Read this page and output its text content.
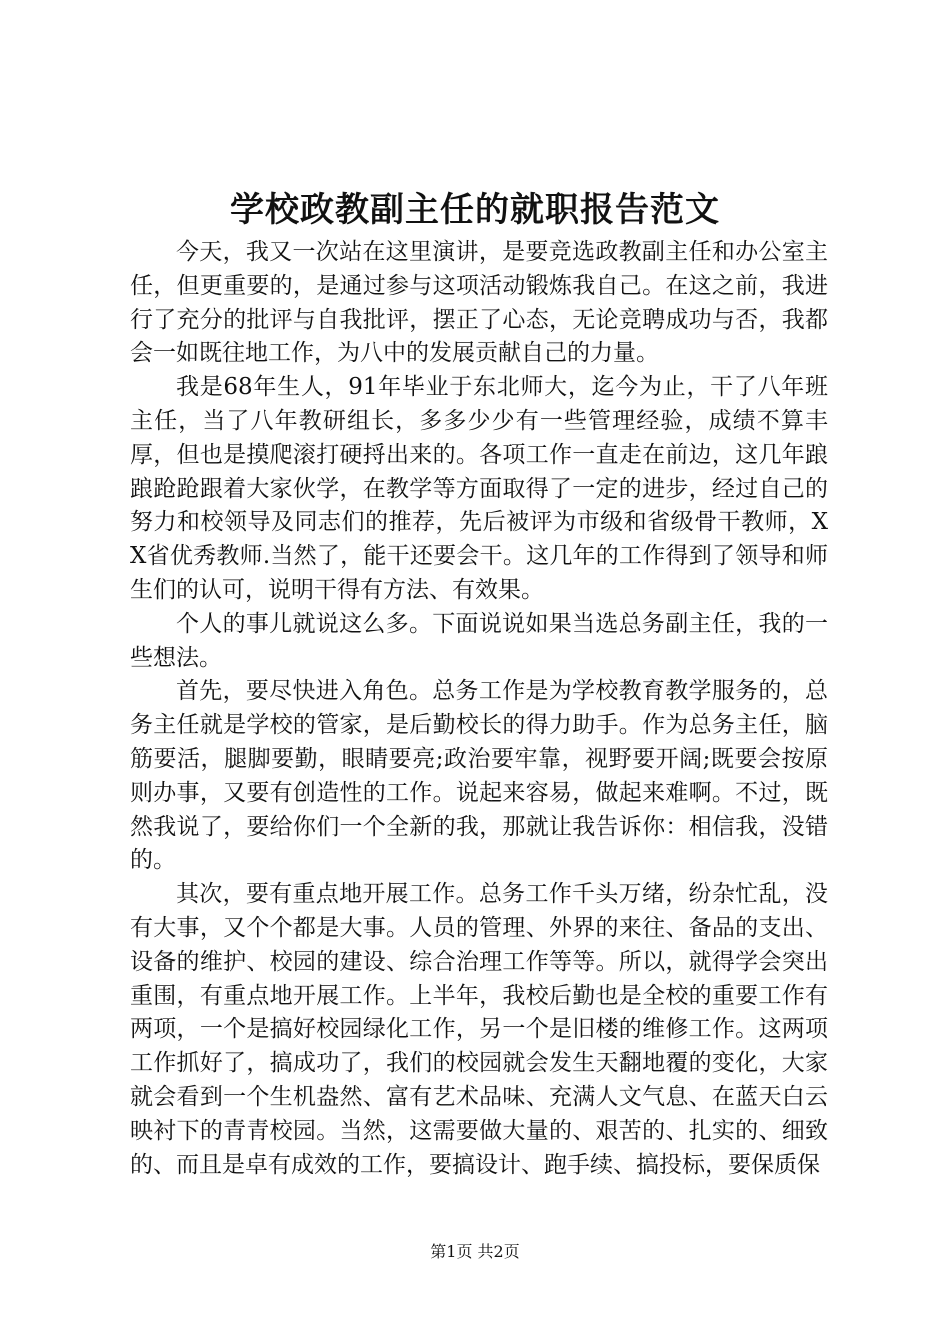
学校政教副主任的就职报告范文

今天，我又一次站在这里演讲，是要竞选政教副主任和办公室主任，但更重要的，是通过参与这项活动锻炼我自己。在这之前，我进行了充分的批评与自我批评，摆正了心态，无论竞聘成功与否，我都会一如既往地工作，为八中的发展贡献自己的力量。

我是68年生人，91年毕业于东北师大，迄今为止，干了八年班主任，当了八年教研组长，多多少少有一些管理经验，成绩不算丰厚，但也是摸爬滚打硬捋出来的。各项工作一直走在前边，这几年踉踉跄跄跟着大家伙学，在教学等方面取得了一定的进步，经过自己的努力和校领导及同志们的推荐，先后被评为市级和省级骨干教师，XX省优秀教师.当然了，能干还要会干。这几年的工作得到了领导和师生们的认可，说明干得有方法、有效果。

个人的事儿就说这么多。下面说说如果当选总务副主任，我的一些想法。

首先，要尽快进入角色。总务工作是为学校教育教学服务的，总务主任就是学校的管家，是后勤校长的得力助手。作为总务主任，脑筋要活，腿脚要勤，眼睛要亮;政治要牢靠，视野要开阔;既要会按原则办事，又要有创造性的工作。说起来容易，做起来难啊。不过，既然我说了，要给你们一个全新的我，那就让我告诉你：相信我，没错的。

其次，要有重点地开展工作。总务工作千头万绪，纷杂忙乱，没有大事，又个个都是大事。人员的管理、外界的来往、备品的支出、设备的维护、校园的建设、综合治理工作等等。所以，就得学会突出重围，有重点地开展工作。上半年，我校后勤也是全校的重要工作有两项，一个是搞好校园绿化工作，另一个是旧楼的维修工作。这两项工作抓好了，搞成功了，我们的校园就会发生天翻地覆的变化，大家就会看到一个生机盎然、富有艺术品味、充满人文气息、在蓝天白云映衬下的青青校园。当然，这需要做大量的、艰苦的、扎实的、细致的、而且是卓有成效的工作，要搞设计、跑手续、搞投标，要保质保

第1页 共2页
